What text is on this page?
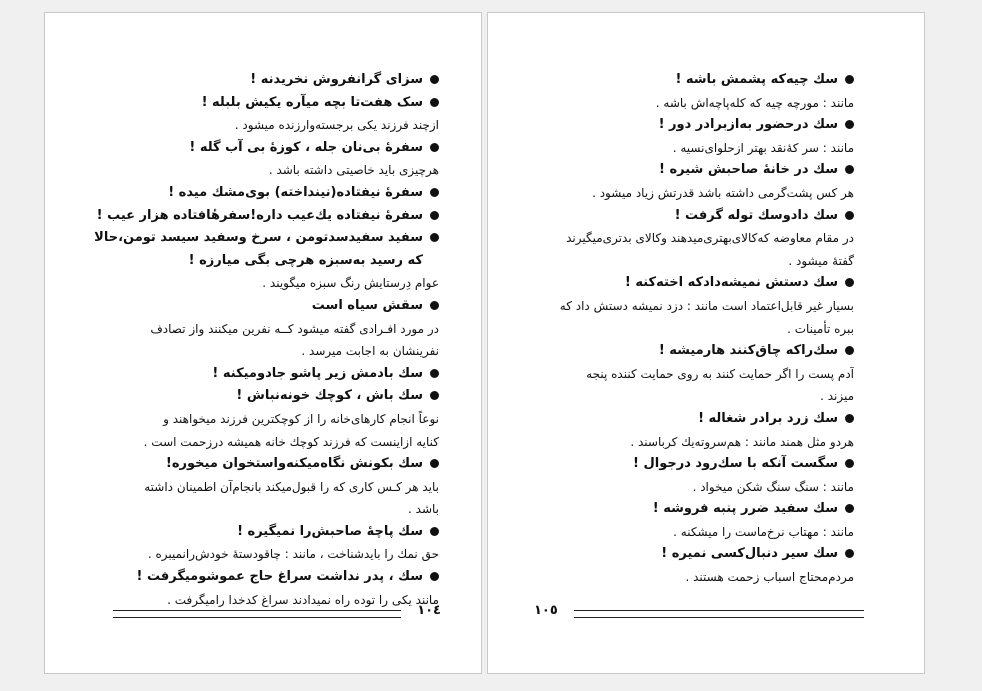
سزای گرانفروش نخریدنه !
سک هفت‌تا بچه میآره یکیش بلبله !
ازچند فرزند یکی برجسته‌وارزنده میشود .
سفرهٔ بی‌نان جله ، کوزهٔ بی آب گله !
هرچیزی باید خاصیتی داشته باشد .
سفرهٔ نیفتاده(نینداخته) بوی‌مشك میده !
سفرهٔ نیفتاده یك‌عیب داره!سفرهٔافتاده هزار عیب !
سفید سفیدسد‌تومن ، سرخ وسفید سیسد تومن،حالا
که رسید به‌سبزه هرچی بگی میارزه !
عوام دِرستایش رنگ سبزه میگویند .
سقش سیاه است
در مورد افـرادی گفته میشود کــه نفرین میکنند واز تصادف
نفرینشان به اجابت میرسد .
سك بادمش زیر پاشو جادومیکنه !
سك باش ، کوچك خونه‌نباش !
نوعاً انجام کارهای‌خانه را از کوچکترین فرزند میخواهند و
کنایه ازاینست که فرزند کوچك خانه همیشه درزحمت است .
سك بکونش نگاه‌میکنه‌واستخوان میخوره!
باید هر کـس کاری که را قبول‌میکند بانجام‌آن اطمینان داشته
باشد .
سك پاچهٔ صاحبش‌را نمیگیره !
حق نمك را بایدشناخت ، مانند : چاقودستهٔ خودش‌رانمیبره .
سك ، پدر نداشت سراغ حاج عموشومیگرفت !
مانند یکی را تو‌ده راه نمیدادند سراغ کدخدا رامیگرفت .
١٠٤
سك چیه‌که پشمش باشه !
مانند : مورچه چیه که کله‌پاچه‌اش باشه .
سك درحضور به‌ازبرادر دور !
مانند : سر کهٔ‌نقد بهتر ازحلوای‌نسیه .
سك در خانهٔ صاحبش شیره !
هر کس پشت‌گرمی داشته باشد قدرتش زیاد میشود .
سك دادوسك توله گرفت !
در مقام معاوضه که‌کالای‌بهتری‌میدهند وکالای بدتری‌میگیرند
گفتهٔ میشود .
سك دستش نمیشه‌دادکه اخته‌کنه !
بسیار غیر قابل‌اعتماد است مانند : دزد نمیشه دستش داد که
ببره تأمینات .
سك‌راکه چاق‌کنند هارمیشه !
آدم پست را اگر حمایت کنند به روی حمایت کننده پنجه
میزند .
سك زرد برادر شغاله !
هردو مثل همند مانند : هم‌سروته‌یك کرباسند .
سگست آنکه با سك‌رود درجوال !
مانند : سنگ سنگ شکن میخواد .
سك سفید ضرر پنبه فروشه !
مانند : مهتاب نرخ‌ماست را میشکنه .
سك سیر دنبال‌کسی نمیره !
مردم‌محتاج اسباب زحمت هستند .
١٠٥
